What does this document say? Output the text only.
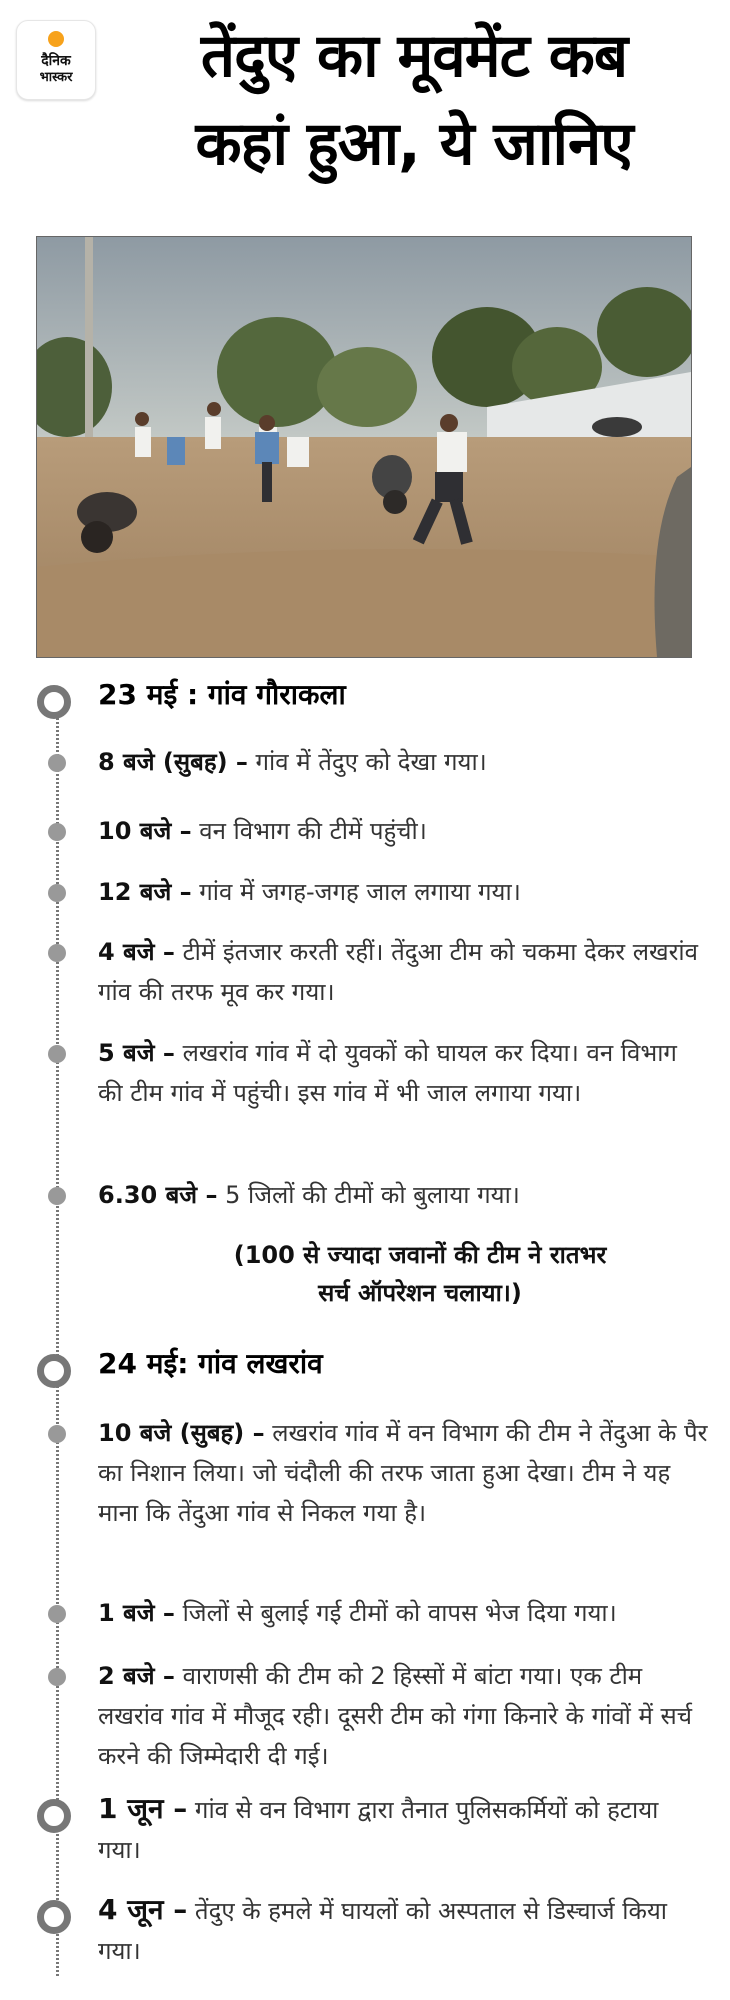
दैनिक
भास्कर	तेंदुए का मूवमेंट कब
कहां हुआ, ये जानिए
23 मई : गांव गौराकला
8 बजे (सुबह) – गांव में तेंदुए को देखा गया।
10 बजे – वन विभाग की टीमें पहुंची।
12 बजे – गांव में जगह-जगह जाल लगाया गया।
4 बजे – टीमें इंतजार करती रहीं। तेंदुआ टीम को चकमा देकर लखरांव गांव की तरफ मूव कर गया।
5 बजे – लखरांव गांव में दो युवकों को घायल कर दिया। वन विभाग की टीम गांव में पहुंची। इस गांव में भी जाल लगाया गया।
6.30 बजे – 5 जिलों की टीमों को बुलाया गया।
(100 से ज्यादा जवानों की टीम ने रातभर
सर्च ऑपरेशन चलाया।)
24 मई: गांव लखरांव
10 बजे (सुबह) – लखरांव गांव में वन विभाग की टीम ने तेंदुआ के पैर का निशान लिया। जो चंदौली की तरफ जाता हुआ देखा। टीम ने यह माना कि तेंदुआ गांव से निकल गया है।
1 बजे – जिलों से बुलाई गई टीमों को वापस भेज दिया गया।
2 बजे – वाराणसी की टीम को 2 हिस्सों में बांटा गया। एक टीम लखरांव गांव में मौजूद रही। दूसरी टीम को गंगा किनारे के गांवों में सर्च करने की जिम्मेदारी दी गई।
1 जून – गांव से वन विभाग द्वारा तैनात पुलिसकर्मियों को हटाया गया।
4 जून – तेंदुए के हमले में घायलों को अस्पताल से डिस्चार्ज किया गया।
